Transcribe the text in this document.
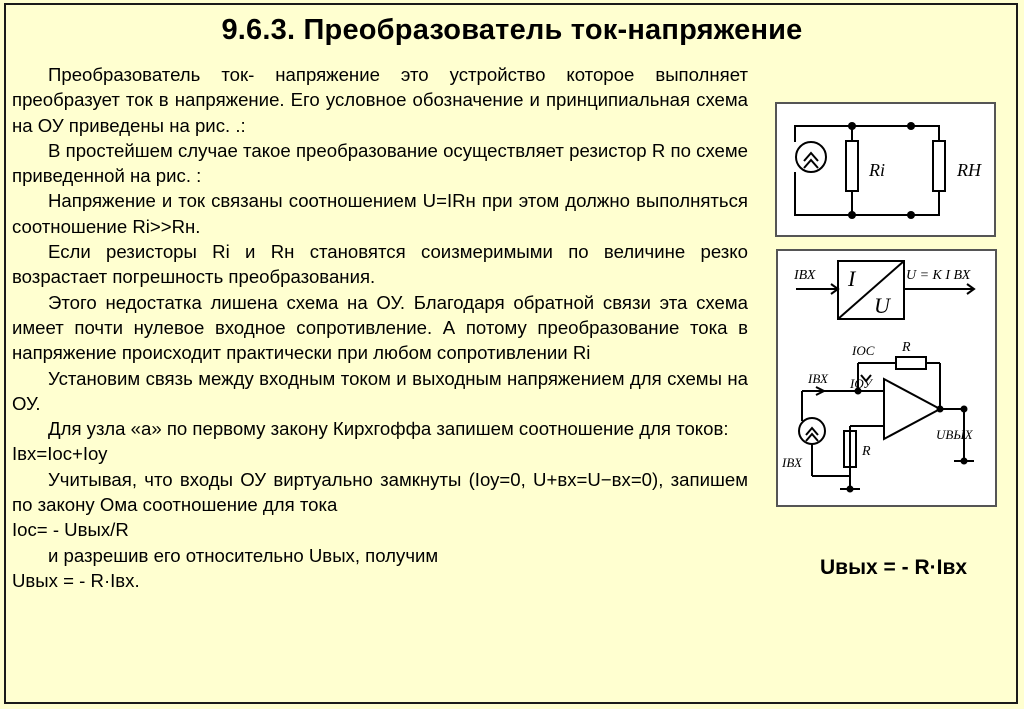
9.6.3. Преобразователь ток-напряжение

Преобразователь ток- напряжение это устройство которое выполняет преобразует ток в напряжение. Его условное обозначение и принципиальная схема на ОУ приведены на рис. .:

В простейшем случае такое преобразование осуществляет резистор R по схеме приведенной на рис. :

Напряжение и ток связаны соотношением U=IRн при этом должно выполняться соотношение Ri>>Rн.

Если резисторы Ri и Rн становятся соизмеримыми по величине резко возрастает погрешность преобразования.

Этого недостатка лишена схема на ОУ. Благодаря обратной связи эта схема имеет почти нулевое входное сопротивление. А потому преобразование тока в напряжение происходит практически при любом сопротивлении Ri

Установим связь между входным током и выходным напряжением для схемы на ОУ.

Для узла «а» по первому закону Кирхгоффа запишем соотношение для токов:

Iвх=Iос+Iоу

Учитывая, что входы ОУ виртуально замкнуты (Iоу=0, U+вх=U−вх=0), запишем по закону Ома соотношение для тока

Iос= - Uвых/R

и разрешив его относительно Uвых, получим

Uвых = - R·Iвх.

Ri	RН
I
U
IВХ	U = K I ВХ
IОС R
IВХ IОУ
R
IВХ
UВЫХ
Uвых = - R·Iвх
